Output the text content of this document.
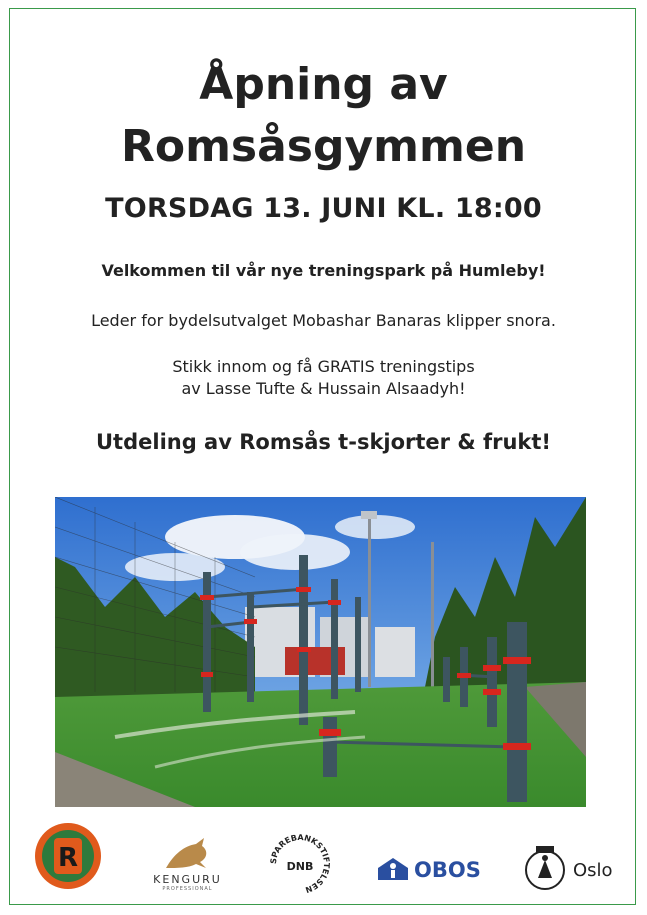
Åpning av
Romsåsgymmen
TORSDAG 13. JUNI KL. 18:00
Velkommen til vår nye treningspark på Humleby!
Leder for bydelsutvalget Mobashar Banaras klipper snora.
Stikk innom og få GRATIS treningstips
av Lasse Tufte & Hussain Alsaadyh!
Utdeling av Romsås t-skjorter & frukt!
R
KENGURU
PROFESSIONAL
SPAREBANKSTIFTELSEN
DNB	OBOS	Oslo
